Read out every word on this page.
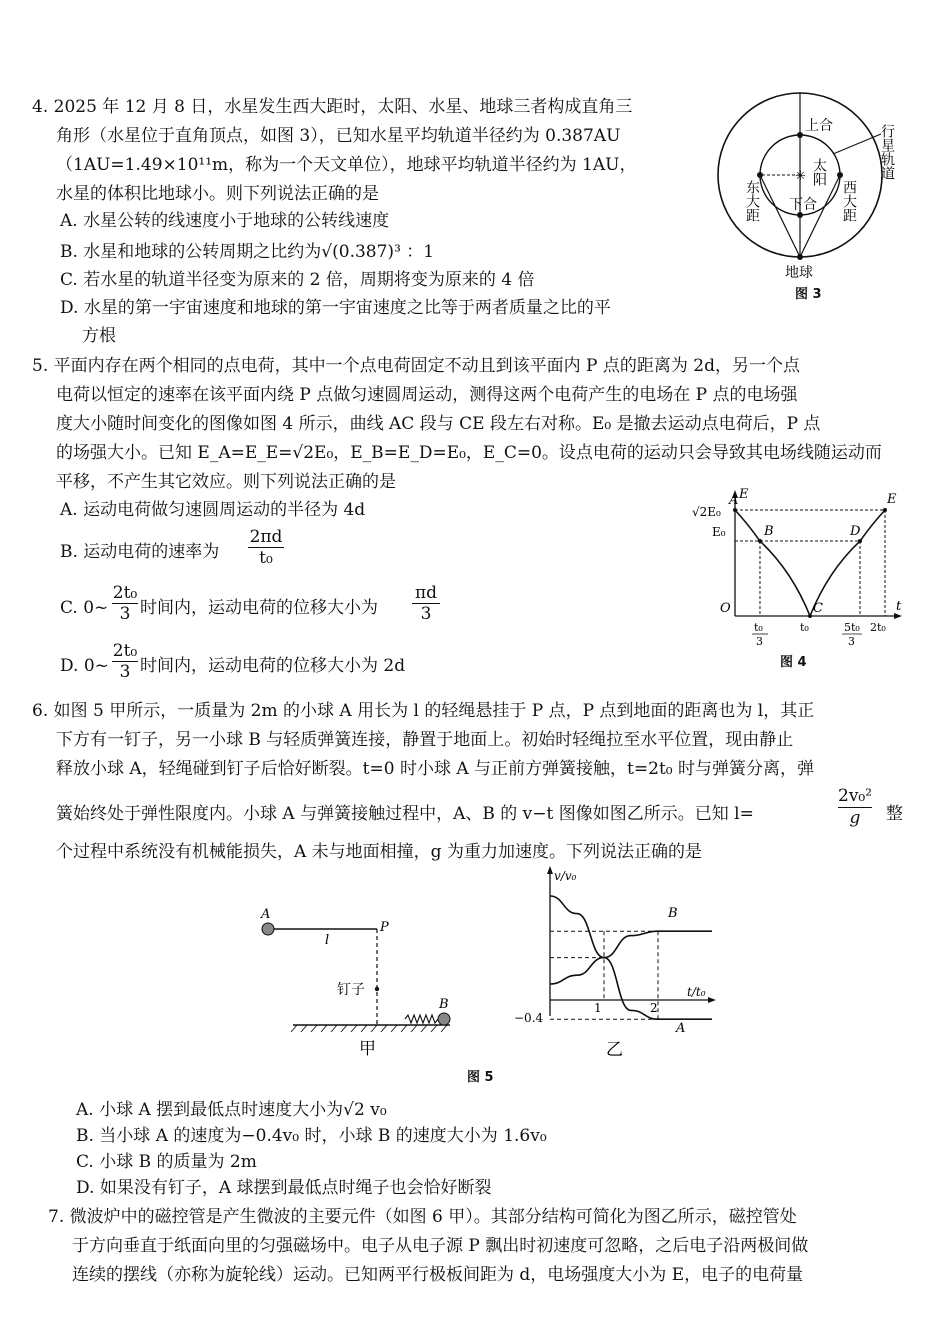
4. 2025 年 12 月 8 日，水星发生西大距时，太阳、水星、地球三者构成直角三
角形（水星位于直角顶点，如图 3），已知水星平均轨道半径约为 0.387AU
（1AU=1.49×10¹¹m，称为一个天文单位），地球平均轨道半径约为 1AU，
水星的体积比地球小。则下列说法正确的是
A. 水星公转的线速度小于地球的公转线速度
B. 水星和地球的公转周期之比约为√(0.387)³ ：1
C. 若水星的轨道半径变为原来的 2 倍，周期将变为原来的 4 倍
D. 水星的第一宇宙速度和地球的第一宇宙速度之比等于两者质量之比的平
方根
✳
上合
下合
太阳
东大距	西大距
地球
行星轨道
图 3
5. 平面内存在两个相同的点电荷，其中一个点电荷固定不动且到该平面内 P 点的距离为 2d，另一个点
电荷以恒定的速率在该平面内绕 P 点做匀速圆周运动，测得这两个电荷产生的电场在 P 点的电场强
度大小随时间变化的图像如图 4 所示，曲线 AC 段与 CE 段左右对称。E₀ 是撤去运动点电荷后，P 点
的场强大小。已知 E_A=E_E=√2E₀，E_B=E_D=E₀，E_C=0。设点电荷的运动只会导致其电场线随运动而
平移，不产生其它效应。则下列说法正确的是
A. 运动电荷做匀速圆周运动的半径为 4d
B. 运动电荷的速率为 $\frac{2\pi d}{\text{t₀}}$
C. 0~ $\frac{\text{2t₀}}{3}$ 时间内，运动电荷的位移大小为 $\frac{\pi d}{3}$
D. 0~ $\frac{\text{2t₀}}{3}$ 时间内，运动电荷的位移大小为 2d
A
B
C
D
E
E
t
O
√2E₀
E₀
t₀
3
t₀	5t₀
3
2t₀
图 4
6. 如图 5 甲所示，一质量为 2m 的小球 A 用长为 l 的轻绳悬挂于 P 点，P 点到地面的距离也为 l，其正
下方有一钉子，另一小球 B 与轻质弹簧连接，静置于地面上。初始时轻绳拉至水平位置，现由静止
释放小球 A，轻绳碰到钉子后恰好断裂。t=0 时小球 A 与正前方弹簧接触，t=2t₀ 时与弹簧分离，弹
簧始终处于弹性限度内。小球 A 与弹簧接触过程中，A、B 的 v−t 图像如图乙所示。已知 l=	$\frac{\text{2v₀²}}{g}$ 整
个过程中系统没有机械能损失，A 未与地面相撞，g 为重力加速度。下列说法正确的是
A
P
l
钉子
B
甲
v/v₀
t/t₀
−0.4
1	2
B
A
乙
图 5
A. 小球 A 摆到最低点时速度大小为√2 v₀
B. 当小球 A 的速度为−0.4v₀ 时，小球 B 的速度大小为 1.6v₀
C. 小球 B 的质量为 2m
D. 如果没有钉子，A 球摆到最低点时绳子也会恰好断裂
7. 微波炉中的磁控管是产生微波的主要元件（如图 6 甲）。其部分结构可简化为图乙所示，磁控管处
于方向垂直于纸面向里的匀强磁场中。电子从电子源 P 飘出时初速度可忽略，之后电子沿两极间做
连续的摆线（亦称为旋轮线）运动。已知两平行极板间距为 d，电场强度大小为 E，电子的电荷量
